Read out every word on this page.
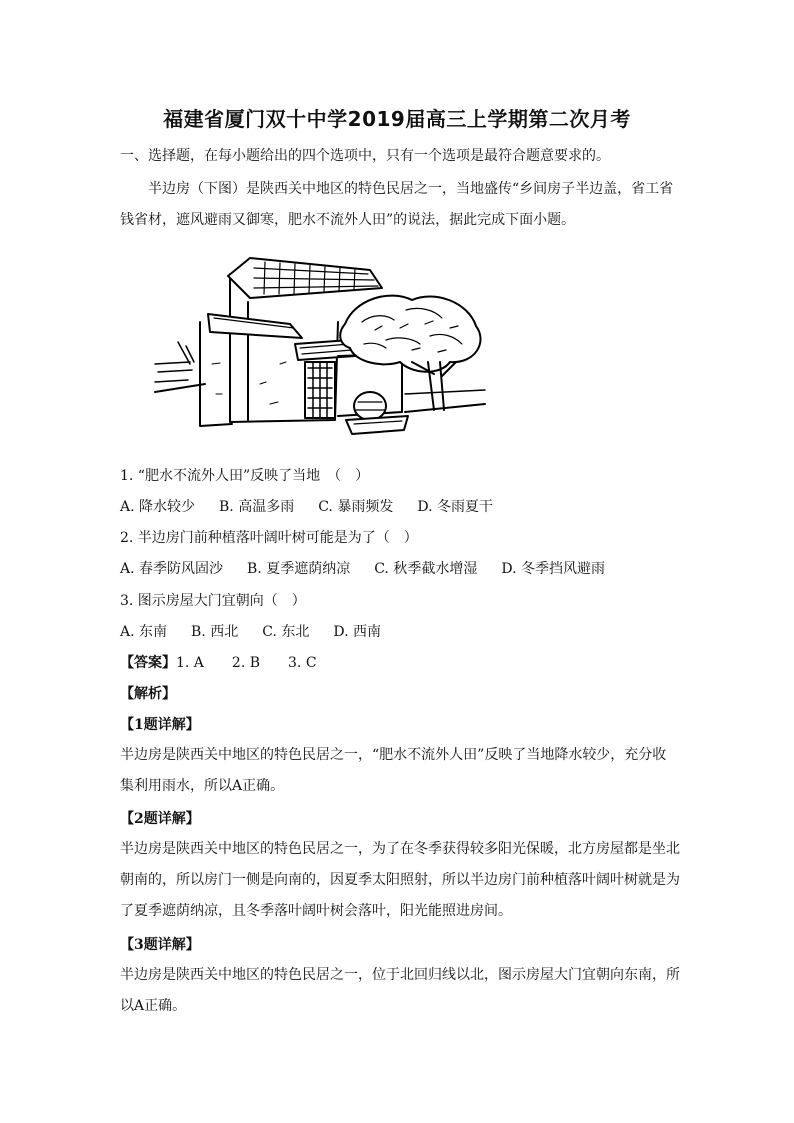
福建省厦门双十中学2019届高三上学期第二次月考
一、选择题，在每小题给出的四个选项中，只有一个选项是最符合题意要求的。
半边房（下图）是陕西关中地区的特色民居之一，当地盛传“乡间房子半边盖，省工省
钱省材，遮风避雨又御寒，肥水不流外人田”的说法，据此完成下面小题。
1. “肥水不流外人田”反映了当地　（　）
A. 降水较少 B. 高温多雨 C. 暴雨频发 D. 冬雨夏干
2. 半边房门前种植落叶阔叶树可能是为了（　）
A. 春季防风固沙 B. 夏季遮荫纳凉 C. 秋季截水增湿 D. 冬季挡风避雨
3. 图示房屋大门宜朝向（　）
A. 东南 B. 西北 C. 东北 D. 西南
【答案】1. A　　2. B　　3. C
【解析】
【1题详解】
半边房是陕西关中地区的特色民居之一，“肥水不流外人田”反映了当地降水较少，充分收集利用雨水，所以A正确。
【2题详解】
半边房是陕西关中地区的特色民居之一，为了在冬季获得较多阳光保暖，北方房屋都是坐北朝南的，所以房门一侧是向南的，因夏季太阳照射，所以半边房门前种植落叶阔叶树就是为了夏季遮荫纳凉，且冬季落叶阔叶树会落叶，阳光能照进房间。
【3题详解】
半边房是陕西关中地区的特色民居之一，位于北回归线以北，图示房屋大门宜朝向东南，所以A正确。
